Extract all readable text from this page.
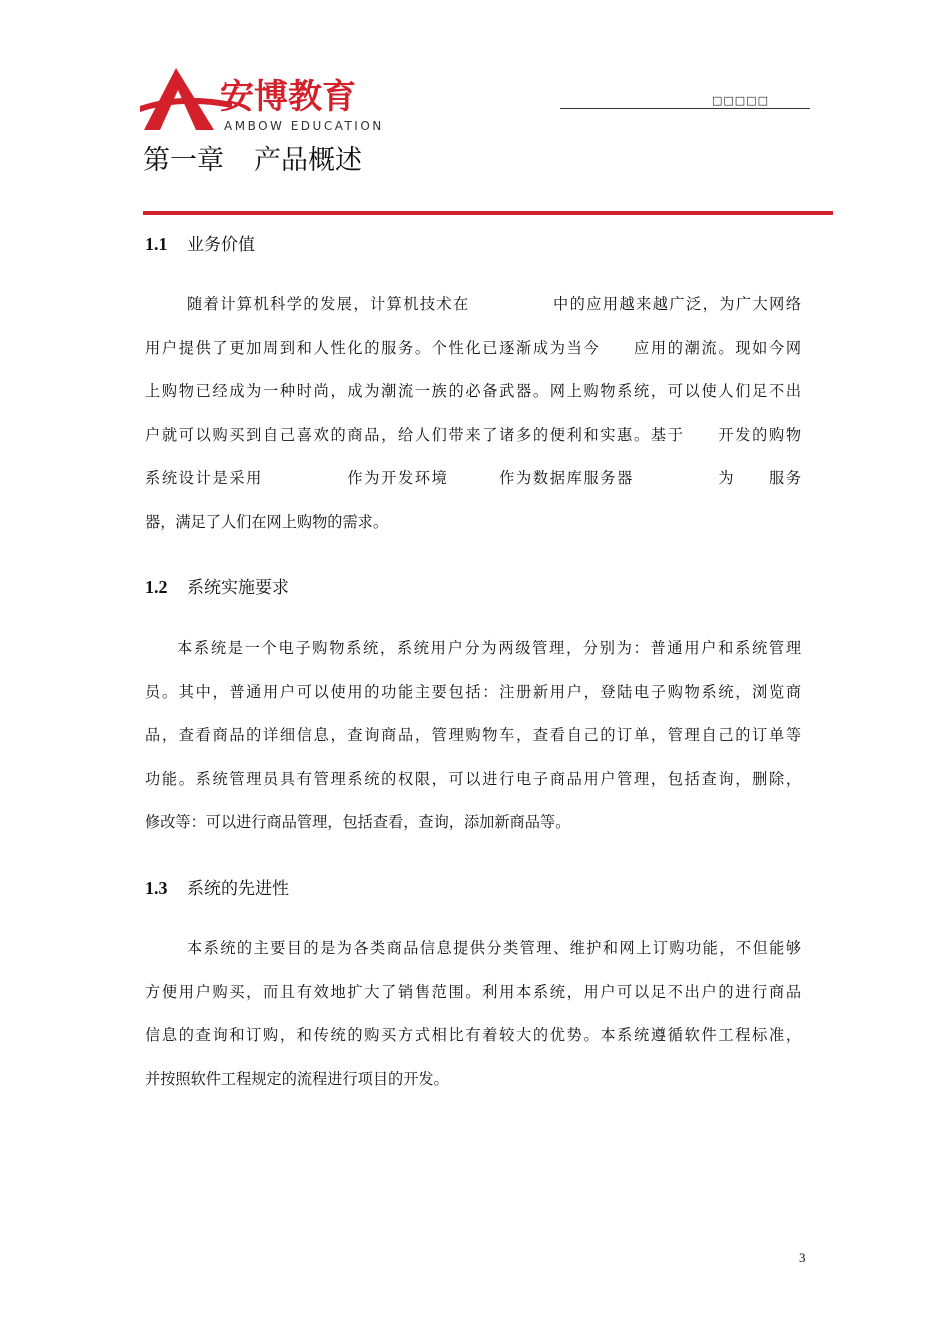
安博教育
AMBOW EDUCATION
□□□□□
第一章 产品概述
1.1 业务价值
随着计算机科学的发展，计算机技术在　　　　　中的应用越来越广泛，为广大网络
用户提供了更加周到和人性化的服务。个性化已逐渐成为当今　　应用的潮流。现如今网
上购物已经成为一种时尚，成为潮流一族的必备武器。网上购物系统，可以使人们足不出
户就可以购买到自己喜欢的商品，给人们带来了诸多的便利和实惠。基于　　开发的购物
系统设计是采用　　　　　作为开发环境　　　作为数据库服务器　　　　　为　　服务
器，满足了人们在网上购物的需求。
1.2 系统实施要求
本系统是一个电子购物系统，系统用户分为两级管理，分别为：普通用户和系统管理
员。其中，普通用户可以使用的功能主要包括：注册新用户，登陆电子购物系统，浏览商
品，查看商品的详细信息，查询商品，管理购物车，查看自己的订单，管理自己的订单等
功能。系统管理员具有管理系统的权限，可以进行电子商品用户管理，包括查询，删除，
修改等：可以进行商品管理，包括查看，查询，添加新商品等。
1.3 系统的先进性
本系统的主要目的是为各类商品信息提供分类管理、维护和网上订购功能，不但能够
方便用户购买，而且有效地扩大了销售范围。利用本系统，用户可以足不出户的进行商品
信息的查询和订购，和传统的购买方式相比有着较大的优势。本系统遵循软件工程标准，
并按照软件工程规定的流程进行项目的开发。
3
